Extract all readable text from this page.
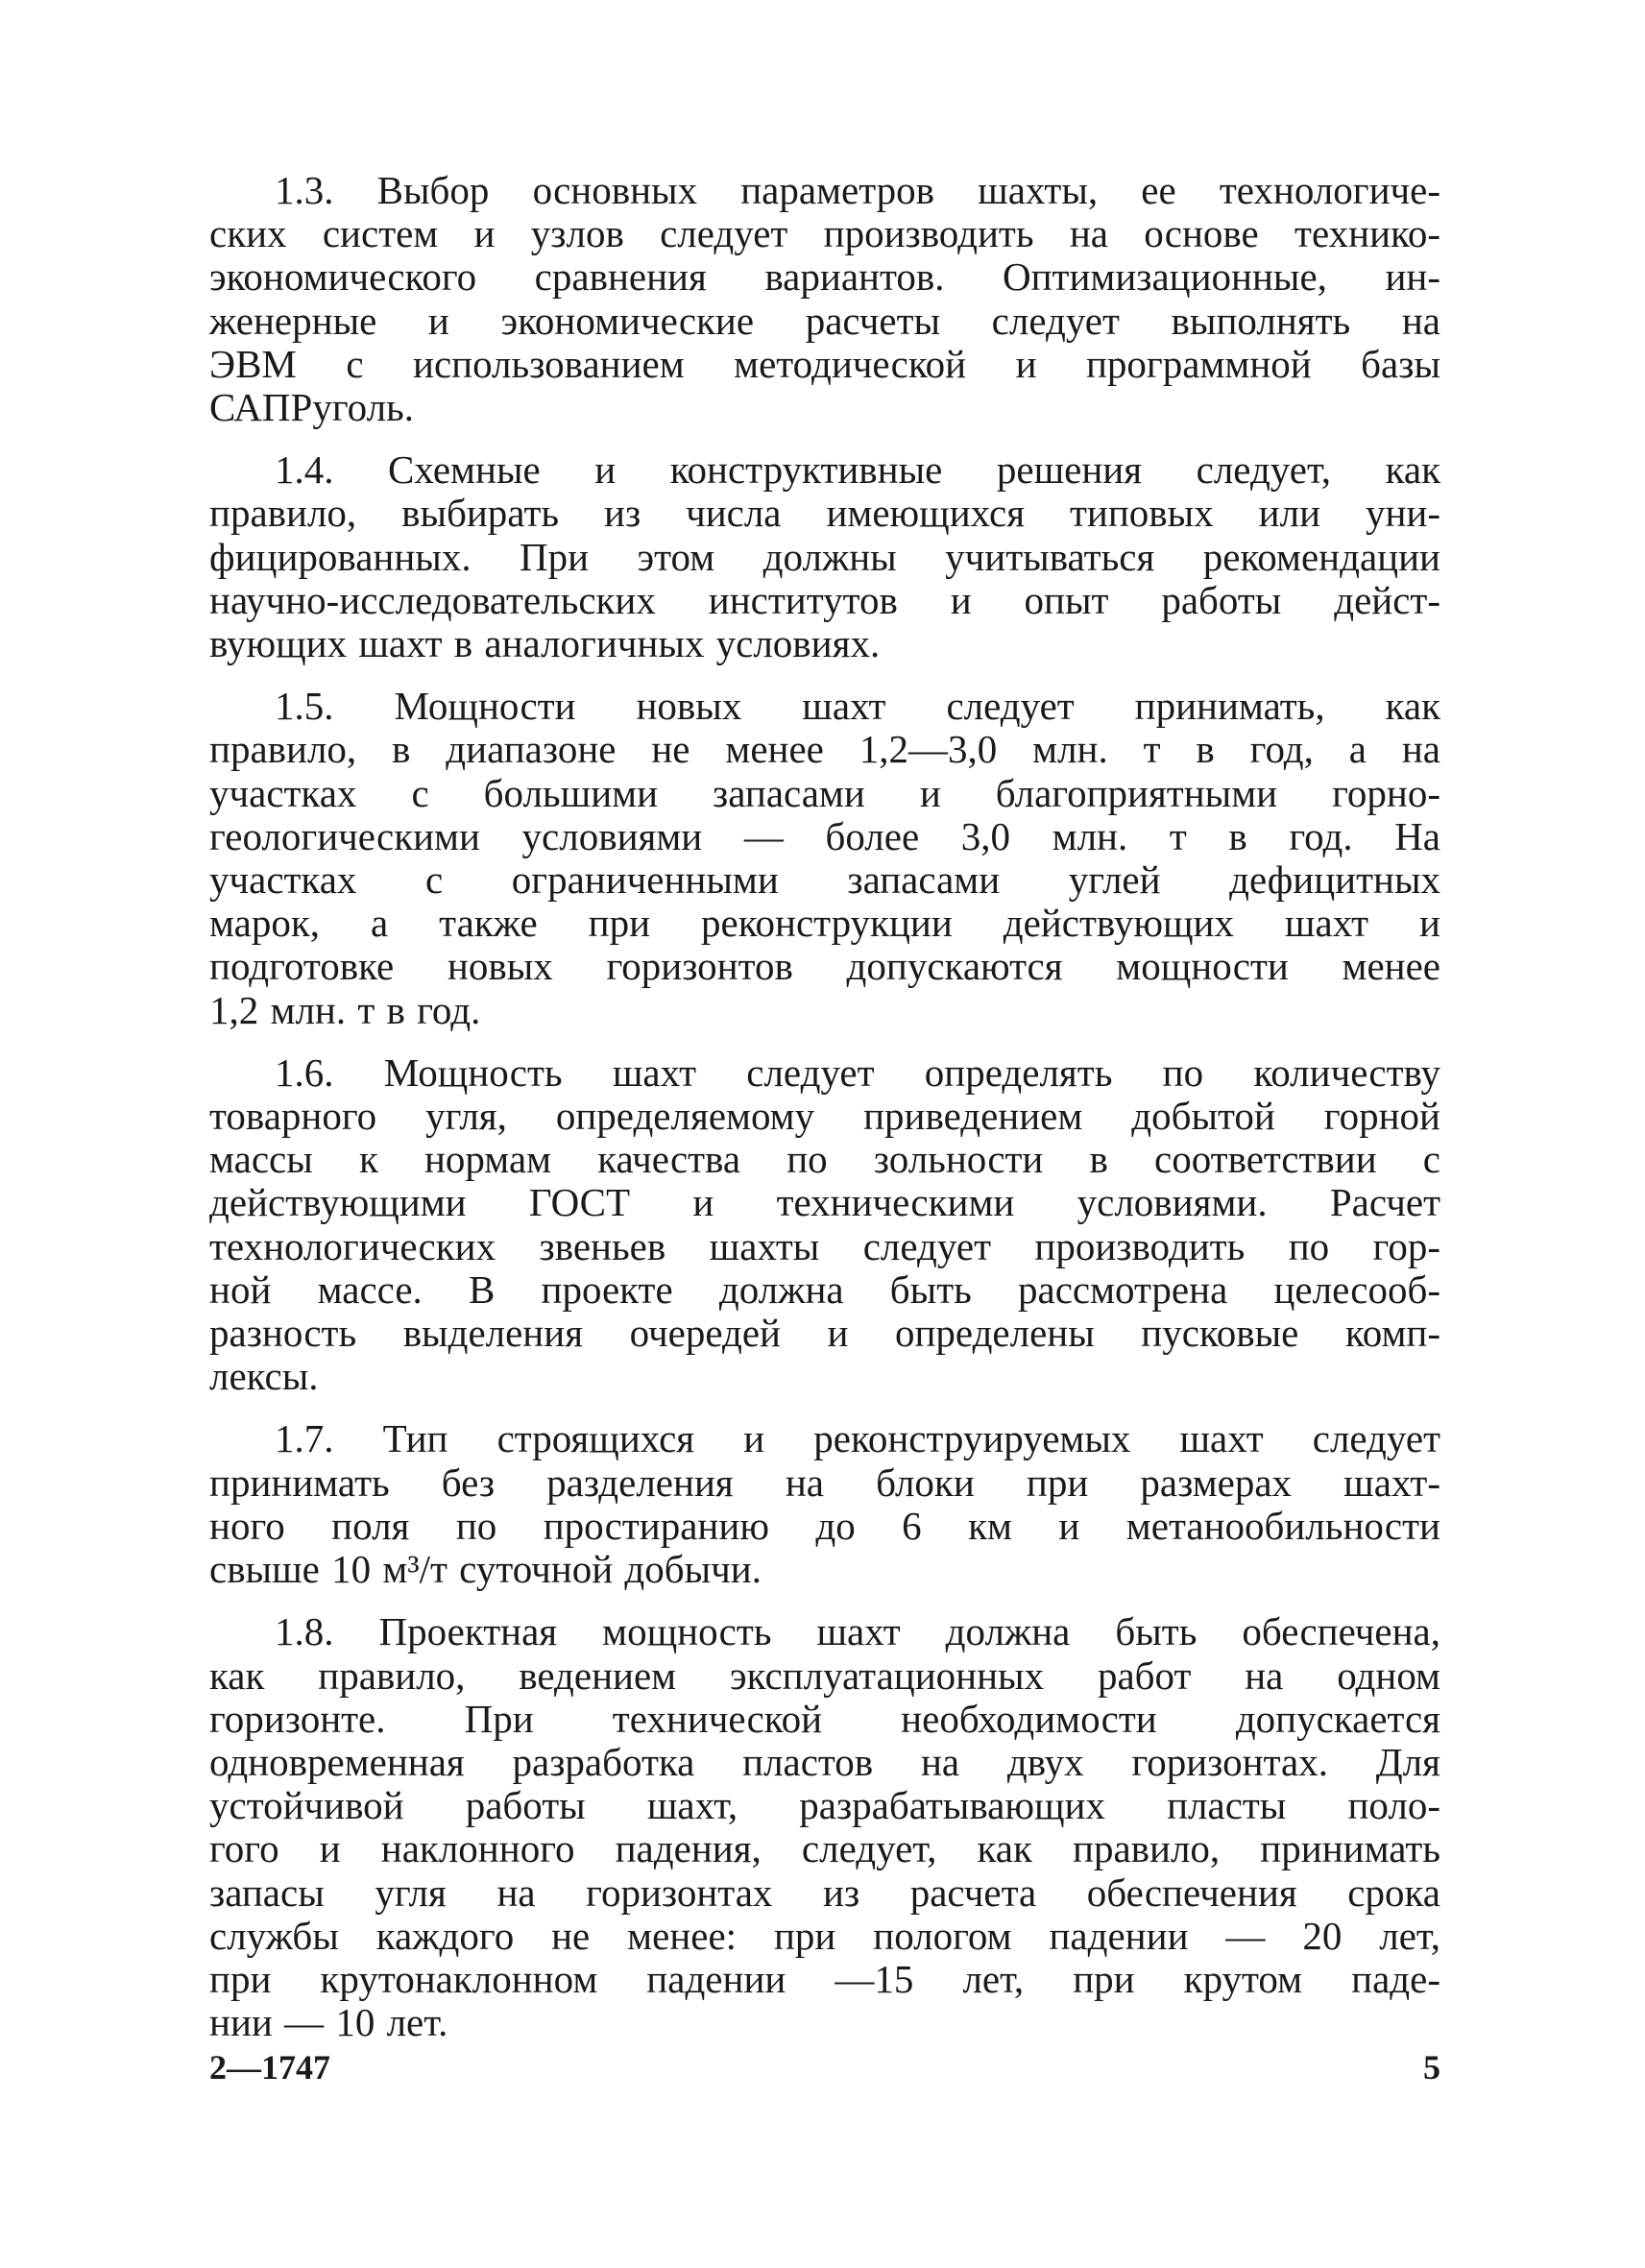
1.3. Выбор основных параметров шахты, ее технологиче-
ских систем и узлов следует производить на основе технико-
экономического сравнения вариантов. Оптимизационные, ин-
женерные и экономические расчеты следует выполнять на
ЭВМ с использованием методической и программной базы
САПРуголь.
1.4. Схемные и конструктивные решения следует, как
правило, выбирать из числа имеющихся типовых или уни-
фицированных. При этом должны учитываться рекомендации
научно-исследовательских институтов и опыт работы дейст-
вующих шахт в аналогичных условиях.
1.5. Мощности новых шахт следует принимать, как
правило, в диапазоне не менее 1,2—3,0 млн. т в год, а на
участках с большими запасами и благоприятными горно-
геологическими условиями — более 3,0 млн. т в год. На
участках с ограниченными запасами углей дефицитных
марок, а также при реконструкции действующих шахт и
подготовке новых горизонтов допускаются мощности менее
1,2 млн. т в год.
1.6. Мощность шахт следует определять по количеству
товарного угля, определяемому приведением добытой горной
массы к нормам качества по зольности в соответствии с
действующими ГОСТ и техническими условиями. Расчет
технологических звеньев шахты следует производить по гор-
ной массе. В проекте должна быть рассмотрена целесооб-
разность выделения очередей и определены пусковые комп-
лексы.
1.7. Тип строящихся и реконструируемых шахт следует
принимать без разделения на блоки при размерах шахт-
ного поля по простиранию до 6 км и метанообильности
свыше 10 м³/т суточной добычи.
1.8. Проектная мощность шахт должна быть обеспечена,
как правило, ведением эксплуатационных работ на одном
горизонте. При технической необходимости допускается
одновременная разработка пластов на двух горизонтах. Для
устойчивой работы шахт, разрабатывающих пласты поло-
гого и наклонного падения, следует, как правило, принимать
запасы угля на горизонтах из расчета обеспечения срока
службы каждого не менее: при пологом падении — 20 лет,
при крутонаклонном падении —15 лет, при крутом паде-
нии — 10 лет.
2—1747	5
